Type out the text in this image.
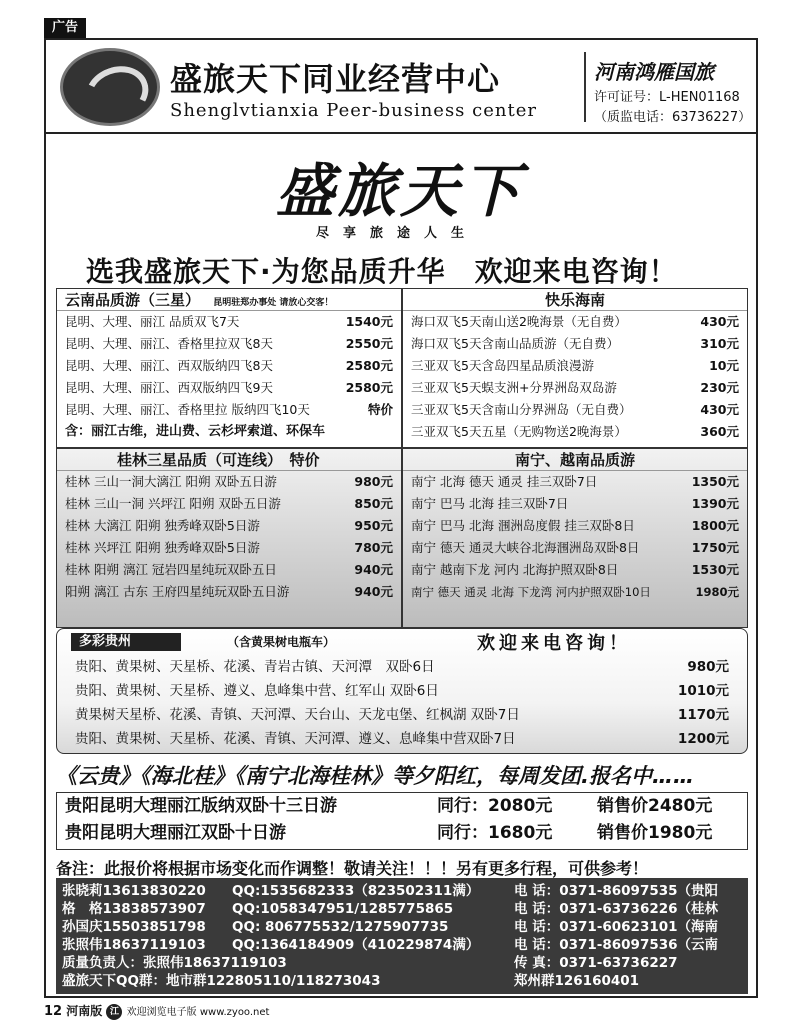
广告
盛旅天下同业经营中心
Shenglvtianxia Peer-business center
河南鸿雁国旅
许可证号：L-HEN01168
（质监电话：63736227）
盛旅天下
尽享旅途人生
选我盛旅天下·为您品质升华　欢迎来电咨询！
云南品质游（三星） 昆明驻郑办事处 请放心交客！
昆明、大理、丽江 品质双飞7天	1540元
昆明、大理、丽江、香格里拉双飞8天	2550元
昆明、大理、丽江、西双版纳四飞8天	2580元
昆明、大理、丽江、西双版纳四飞9天	2580元
昆明、大理、丽江、香格里拉 版纳四飞10天	特价
含：丽江古维，进山费、云杉坪索道、环保车
快乐海南
海口双飞5天南山送2晚海景（无自费）	430元
海口双飞5天含南山品质游（无自费）	310元
三亚双飞5天含岛四星品质浪漫游	10元
三亚双飞5天蜈支洲+分界洲岛双岛游	230元
三亚双飞5天含南山分界洲岛（无自费）	430元
三亚双飞5天五星（无购物送2晚海景）	360元
桂林三星品质（可连线）　特价
桂林 三山一洞大漓江 阳朔 双卧五日游	980元
桂林 三山一洞 兴坪江 阳朔 双卧五日游	850元
桂林 大漓江 阳朔 独秀峰双卧5日游	950元
桂林 兴坪江 阳朔 独秀峰双卧5日游	780元
桂林 阳朔 漓江 冠岩四星纯玩双卧五日	940元
阳朔 漓江 古东 王府四星纯玩双卧五日游	940元
南宁、越南品质游
南宁 北海 德天 通灵 挂三双卧7日	1350元
南宁 巴马 北海 挂三双卧7日	1390元
南宁 巴马 北海 涠洲岛度假 挂三双卧8日	1800元
南宁 德天 通灵大峡谷北海涠洲岛双卧8日	1750元
南宁 越南下龙 河内 北海护照双卧8日	1530元
南宁 德天 通灵 北海 下龙湾 河内护照双卧10日	1980元
多彩贵州	（含黄果树电瓶车）	欢迎来电咨询！
贵阳、黄果树、天星桥、花溪、青岩古镇、天河潭　双卧6日	980元
贵阳、黄果树、天星桥、遵义、息峰集中营、红军山 双卧6日	1010元
黄果树天星桥、花溪、青镇、天河潭、天台山、天龙屯堡、红枫湖 双卧7日	1170元
贵阳、黄果树、天星桥、花溪、青镇、天河潭、遵义、息峰集中营双卧7日	1200元
《云贵》《海北桂》《南宁北海桂林》等夕阳红，每周发团.报名中……
贵阳昆明大理丽江版纳双卧十三日游	同行：2080元	销售价2480元
贵阳昆明大理丽江双卧十日游	同行：1680元	销售价1980元
备注：此报价将根据市场变化而作调整！敬请关注！！！另有更多行程，可供参考！
张晓莉13613830220 QQ:1535682333（823502311满）	电 话：0371-86097535（贵阳
格　格13838573907 QQ:1058347951/1285775865	电 话：0371-63736226（桂林
孙国庆15503851798 QQ: 806775532/1275907735	电 话：0371-60623101（海南
张照伟18637119103 QQ:1364184909（410229874满）	电 话：0371-86097536（云南
质量负责人：张照伟18637119103	传 真：0371-63736227
盛旅天下QQ群：地市群122805110/118273043	郑州群126160401
12 河南版 江 欢迎浏览电子版 www.zyoo.net
